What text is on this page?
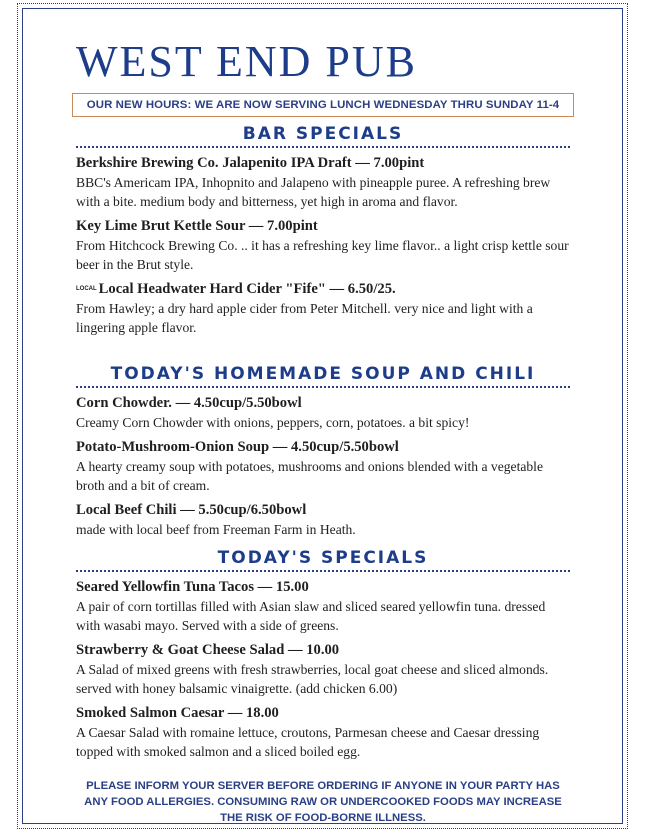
WEST END PUB
OUR NEW HOURS: WE ARE NOW SERVING LUNCH WEDNESDAY THRU SUNDAY 11-4
BAR SPECIALS

Berkshire Brewing Co. Jalapenito IPA Draft — 7.00pint

BBC's Americam IPA, Inhopnito and Jalapeno with pineapple puree. A refreshing brew with a bite. medium body and bitterness, yet high in aroma and flavor.

Key Lime Brut Kettle Sour — 7.00pint

From Hitchcock Brewing Co. .. it has a refreshing key lime flavor.. a light crisp kettle sour beer in the Brut style.

$^{LOCAL}$ Local Headwater Hard Cider "Fife" — 6.50/25.

From Hawley; a dry hard apple cider from Peter Mitchell. very nice and light with a lingering apple flavor.

TODAY'S HOMEMADE SOUP AND CHILI

Corn Chowder. — 4.50cup/5.50bowl

Creamy Corn Chowder with onions, peppers, corn, potatoes. a bit spicy!

Potato-Mushroom-Onion Soup — 4.50cup/5.50bowl

A hearty creamy soup with potatoes, mushrooms and onions blended with a vegetable broth and a bit of cream.

Local Beef Chili — 5.50cup/6.50bowl

made with local beef from Freeman Farm in Heath.

TODAY'S SPECIALS

Seared Yellowfin Tuna Tacos — 15.00

A pair of corn tortillas filled with Asian slaw and sliced seared yellowfin tuna. dressed with wasabi mayo. Served with a side of greens.

Strawberry & Goat Cheese Salad — 10.00

A Salad of mixed greens with fresh strawberries, local goat cheese and sliced almonds. served with honey balsamic vinaigrette. (add chicken 6.00)

Smoked Salmon Caesar — 18.00

A Caesar Salad with romaine lettuce, croutons, Parmesan cheese and Caesar dressing topped with smoked salmon and a sliced boiled egg.

PLEASE INFORM YOUR SERVER BEFORE ORDERING IF ANYONE IN YOUR PARTY HAS ANY FOOD ALLERGIES. CONSUMING RAW OR UNDERCOOKED FOODS MAY INCREASE THE RISK OF FOOD-BORNE ILLNESS.
